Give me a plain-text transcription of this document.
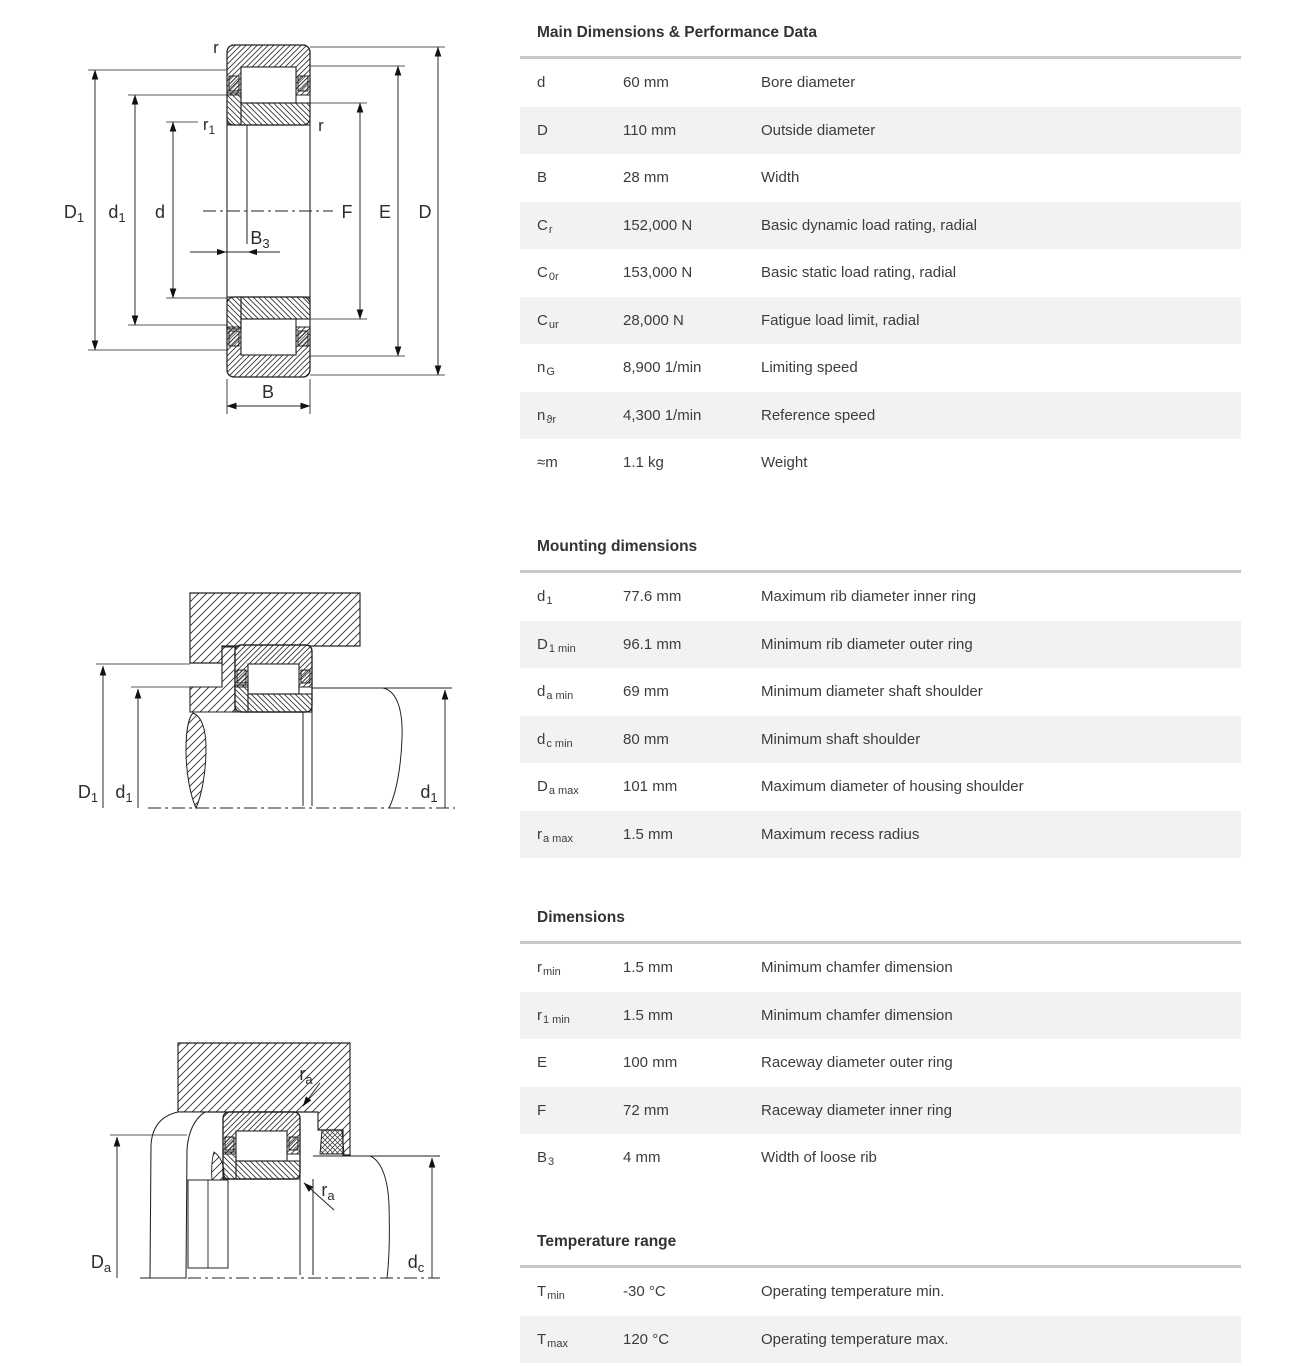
$D_1$ $d_1$ d	F E D
$B_3$
B
r
$r_1$	r
$D_1$ $d_1$	$d_1$
$D_a$	$d_c$
$r_a$
$r_a$
Main Dimensions & Performance Data
d	60 mm	Bore diameter
D	110 mm	Outside diameter
B	28 mm	Width
$C_r$	152,000 N	Basic dynamic load rating, radial
$C_{0r}$	153,000 N	Basic static load rating, radial
$C_{ur}$	28,000 N	Fatigue load limit, radial
$n_G$	8,900 1/min	Limiting speed
$n_{ϑr}$	4,300 1/min	Reference speed
≈m	1.1 kg	Weight
Mounting dimensions
$d_1$	77.6 mm	Maximum rib diameter inner ring
$D_{1 min}$	96.1 mm	Minimum rib diameter outer ring
$d_{a min}$	69 mm	Minimum diameter shaft shoulder
$d_{c min}$	80 mm	Minimum shaft shoulder
$D_{a max}$	101 mm	Maximum diameter of housing shoulder
$r_{a max}$	1.5 mm	Maximum recess radius
Dimensions
$r_{min}$	1.5 mm	Minimum chamfer dimension
$r_{1 min}$	1.5 mm	Minimum chamfer dimension
E	100 mm	Raceway diameter outer ring
F	72 mm	Raceway diameter inner ring
$B_3$	4 mm	Width of loose rib
Temperature range
$T_{min}$	-30 °C	Operating temperature min.
$T_{max}$	120 °C	Operating temperature max.
